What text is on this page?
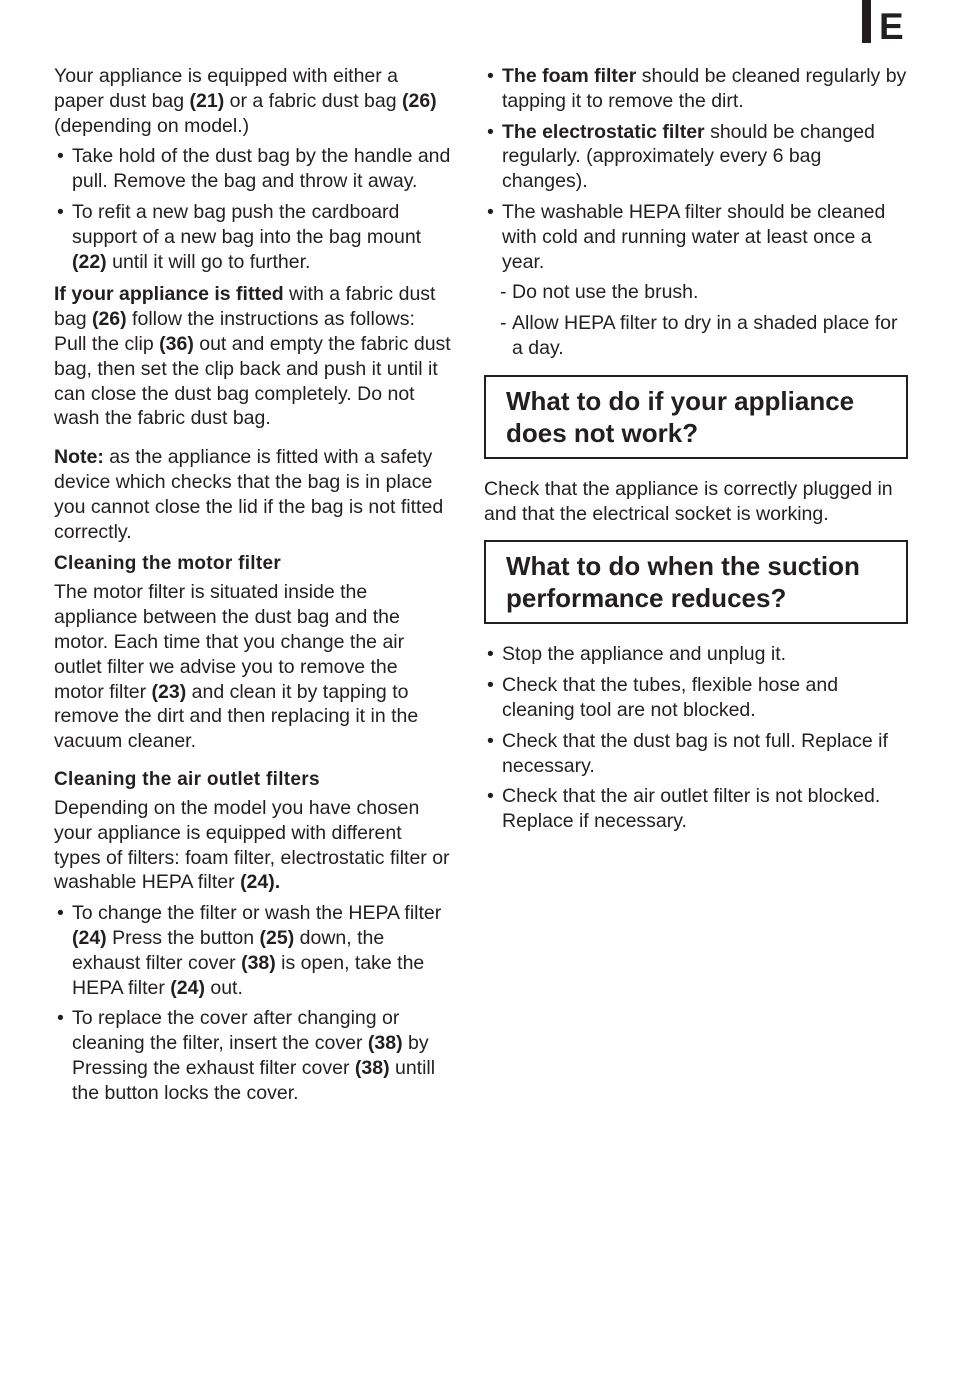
E

Your appliance is equipped with either a paper dust bag (21) or a fabric dust bag (26) (depending on model.)

• Take hold of the dust bag by the handle and pull. Remove the bag and throw it away.
• To refit a new bag push the cardboard support of a new bag into the bag mount (22) until it will go to further.

If your appliance is fitted with a fabric dust bag (26) follow the instructions as follows: Pull the clip (36) out and empty the fabric dust bag, then set the clip back and push it until it can close the dust bag completely. Do not wash the fabric dust bag.

Note: as the appliance is fitted with a safety device which checks that the bag is in place you cannot close the lid if the bag is not fitted correctly.

Cleaning the motor filter

The motor filter is situated inside the appliance between the dust bag and the motor. Each time that you change the air outlet filter we advise you to remove the motor filter (23) and clean it by tapping to remove the dirt and then replacing it in the vacuum cleaner.

Cleaning the air outlet filters

Depending on the model you have chosen your appliance is equipped with different types of filters: foam filter, electrostatic filter or washable HEPA filter (24).

• To change the filter or wash the HEPA filter (24) Press the button (25) down, the exhaust filter cover (38) is open, take the HEPA filter (24) out.
• To replace the cover after changing or cleaning the filter, insert the cover (38) by Pressing the exhaust filter cover (38) untill the button locks the cover.
• The foam filter should be cleaned regularly by tapping it to remove the dirt.
• The electrostatic filter should be changed regularly. (approximately every 6 bag changes).
• The washable HEPA filter should be cleaned with cold and running water at least once a year.
- Do not use the brush.
- Allow HEPA filter to dry in a shaded place for a day.
What to do if your appliance does not work?

Check that the appliance is correctly plugged in and that the electrical socket is working.

What to do when the suction performance reduces?
• Stop the appliance and unplug it.
• Check that the tubes, flexible hose and cleaning tool are not blocked.
• Check that the dust bag is not full. Replace if necessary.
• Check that the air outlet filter is not blocked. Replace if necessary.
